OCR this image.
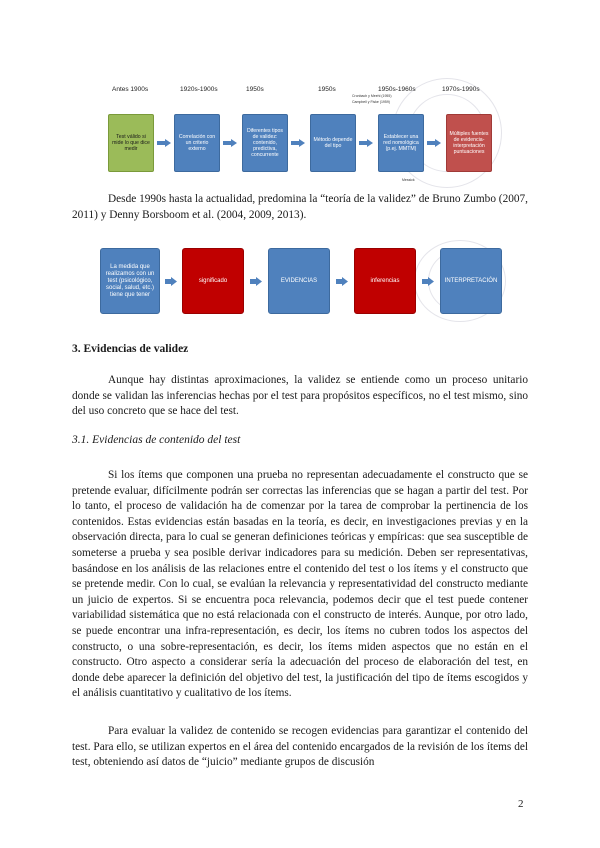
Antes 1900s	1920s-1900s	1950s	1950s	1950s-1960s	1970s-1990s
Test válido si mide lo que dice medir
Correlación con un criterio externo
Diferentes tipos de validez: contenido, predictiva, concurrente
Método depende del tipo
Establecer una red nomológica (p.ej. MMTM)
Múltiples fuentes de evidencia-interpretación puntuaciones
Cronbach y Meehl (1955)
Campbell y Fiske (1959)
Messick
Desde 1990s hasta la actualidad, predomina la “teoría de la validez” de Bruno Zumbo (2007, 2011) y Denny Borsboom et al. (2004, 2009, 2013).
La medida que realizamos con un test (psicológico, social, salud, etc.) tiene que tener
significado	EVIDENCIAS	inferencias	INTERPRETACIÓN
3. Evidencias de validez
Aunque hay distintas aproximaciones, la validez se entiende como un proceso unitario donde se validan las inferencias hechas por el test para propósitos específicos, no el test mismo, sino del uso concreto que se hace del test.
3.1. Evidencias de contenido del test
Si los ítems que componen una prueba no representan adecuadamente el constructo que se pretende evaluar, difícilmente podrán ser correctas las inferencias que se hagan a partir del test. Por lo tanto, el proceso de validación ha de comenzar por la tarea de comprobar la pertinencia de los contenidos. Estas evidencias están basadas en la teoría, es decir, en investigaciones previas y en la observación directa, para lo cual se generan definiciones teóricas y empíricas: que sea susceptible de someterse a prueba y sea posible derivar indicadores para su medición. Deben ser representativas, basándose en los análisis de las relaciones entre el contenido del test o los ítems y el constructo que se pretende medir. Con lo cual, se evalúan la relevancia y representatividad del constructo mediante un juicio de expertos. Si se encuentra poca relevancia, podemos decir que el test puede contener variabilidad sistemática que no está relacionada con el constructo de interés. Aunque, por otro lado, se puede encontrar una infra-representación, es decir, los ítems no cubren todos los aspectos del constructo, o una sobre-representación, es decir, los ítems miden aspectos que no están en el constructo. Otro aspecto a considerar sería la adecuación del proceso de elaboración del test, en donde debe aparecer la definición del objetivo del test, la justificación del tipo de ítems escogidos y el análisis cuantitativo y cualitativo de los ítems.
Para evaluar la validez de contenido se recogen evidencias para garantizar el contenido del test. Para ello, se utilizan expertos en el área del contenido encargados de la revisión de los ítems del test, obteniendo así datos de “juicio” mediante grupos de discusión
2
